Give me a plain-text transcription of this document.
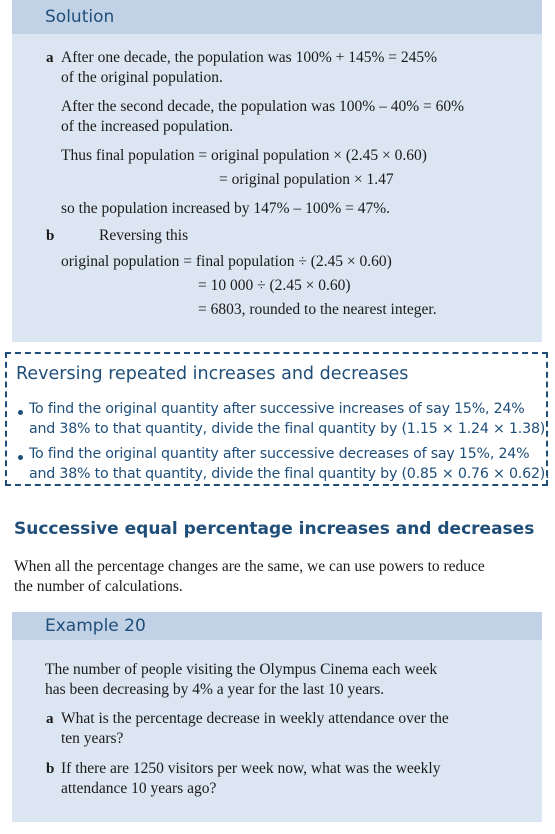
Solution
a After one decade, the population was 100% + 145% = 245%
of the original population.
After the second decade, the population was 100% – 40% = 60%
of the increased population.
Thus final population = original population × (2.45 × 0.60)
= original population × 1.47
so the population increased by 147% – 100% = 47%.
b	Reversing this
original population = final population ÷ (2.45 × 0.60)
= 10 000 ÷ (2.45 × 0.60)
= 6803, rounded to the nearest integer.
Reversing repeated increases and decreases
To find the original quantity after successive increases of say 15%, 24%
and 38% to that quantity, divide the final quantity by (1.15 × 1.24 × 1.38).
To find the original quantity after successive decreases of say 15%, 24%
and 38% to that quantity, divide the final quantity by (0.85 × 0.76 × 0.62).
Successive equal percentage increases and decreases
When all the percentage changes are the same, we can use powers to reduce
the number of calculations.
Example 20
The number of people visiting the Olympus Cinema each week
has been decreasing by 4% a year for the last 10 years.
a What is the percentage decrease in weekly attendance over the
ten years?
b If there are 1250 visitors per week now, what was the weekly
attendance 10 years ago?
